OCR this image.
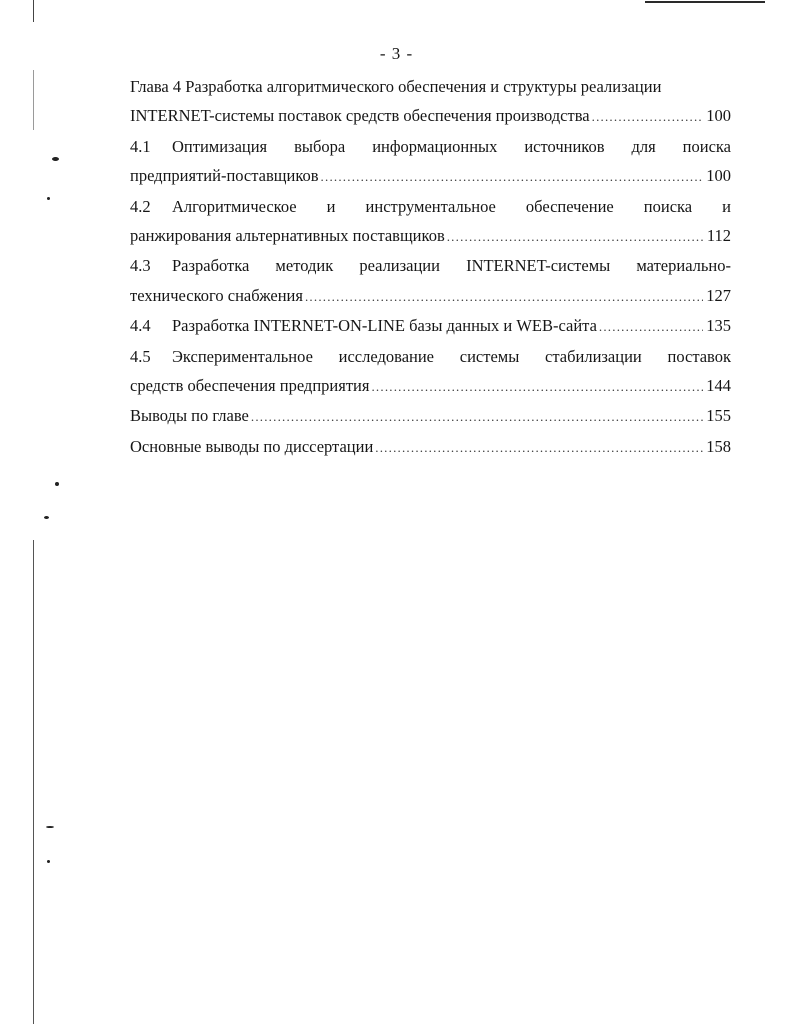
- 3 -
Глава 4 Разработка алгоритмического обеспечения и структуры реализации
INTERNET-системы поставок средств обеспечения производства .....	100
4.1 Оптимизация выбора информационных источников для поиска
предприятий-поставщиков .....	100
4.2 Алгоритмическое и инструментальное обеспечение поиска и
ранжирования альтернативных поставщиков .....	112
4.3 Разработка методик реализации INTERNET-системы материально-
технического снабжения .....	127
4.4 Разработка INTERNET-ON-LINE базы данных и WEB-сайта .....	135
4.5 Экспериментальное исследование системы стабилизации поставок
средств обеспечения предприятия .....	144
Выводы по главе .....	155
Основные выводы по диссертации .....	158
